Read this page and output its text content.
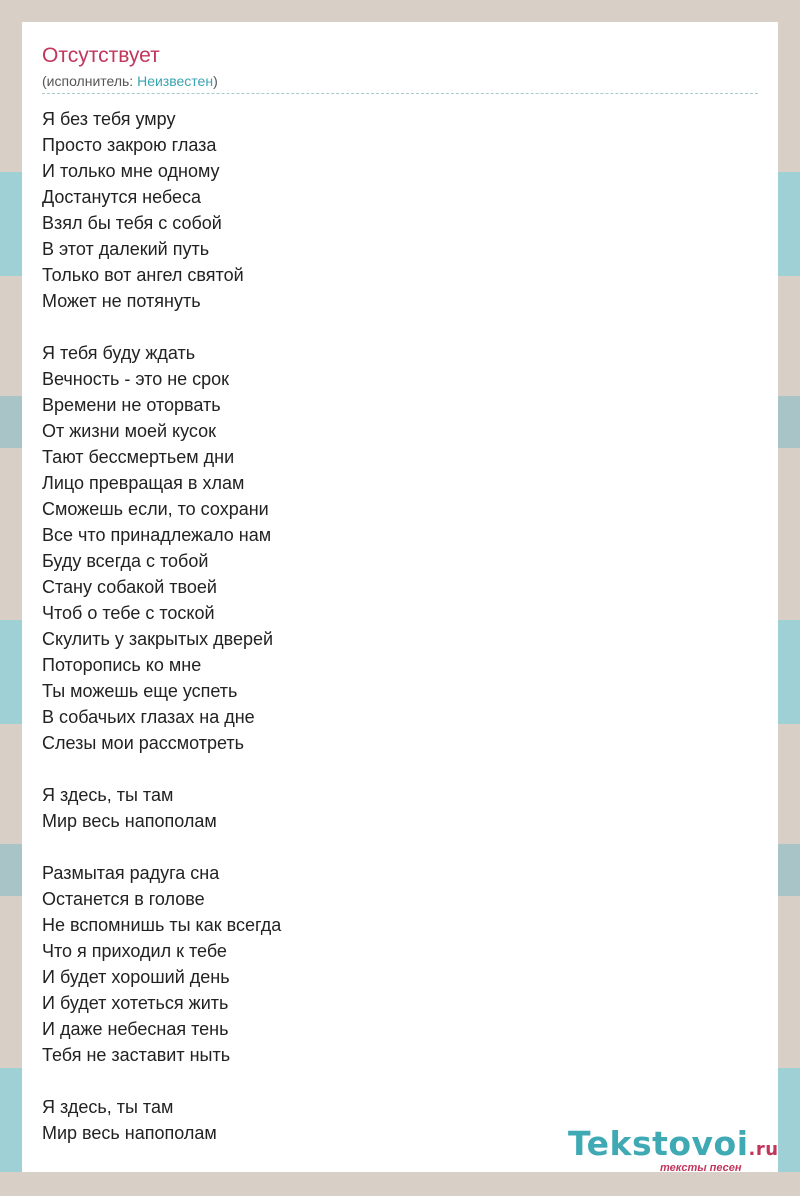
Отсутствует
(исполнитель: Неизвестен)
Я без тебя умру
Просто закрою глаза
И только мне одному
Достанутся небеса
Взял бы тебя с собой
В этот далекий путь
Только вот ангел святой
Может не потянуть
Я тебя буду ждать
Вечность - это не срок
Времени не оторвать
От жизни моей кусок
Тают бессмертьем дни
Лицо превращая в хлам
Сможешь если, то сохрани
Все что принадлежало нам
Буду всегда с тобой
Стану собакой твоей
Чтоб о тебе с тоской
Скулить у закрытых дверей
Поторопись ко мне
Ты можешь еще успеть
В собачьих глазах на дне
Слезы мои рассмотреть
Я здесь, ты там
Мир весь напополам
Размытая радуга сна
Останется в голове
Не вспомнишь ты как всегда
Что я приходил к тебе
И будет хороший день
И будет хотеться жить
И даже небесная тень
Тебя не заставит ныть
Я здесь, ты там
Мир весь напополам	Tekstovoi.ru
тексты песен
